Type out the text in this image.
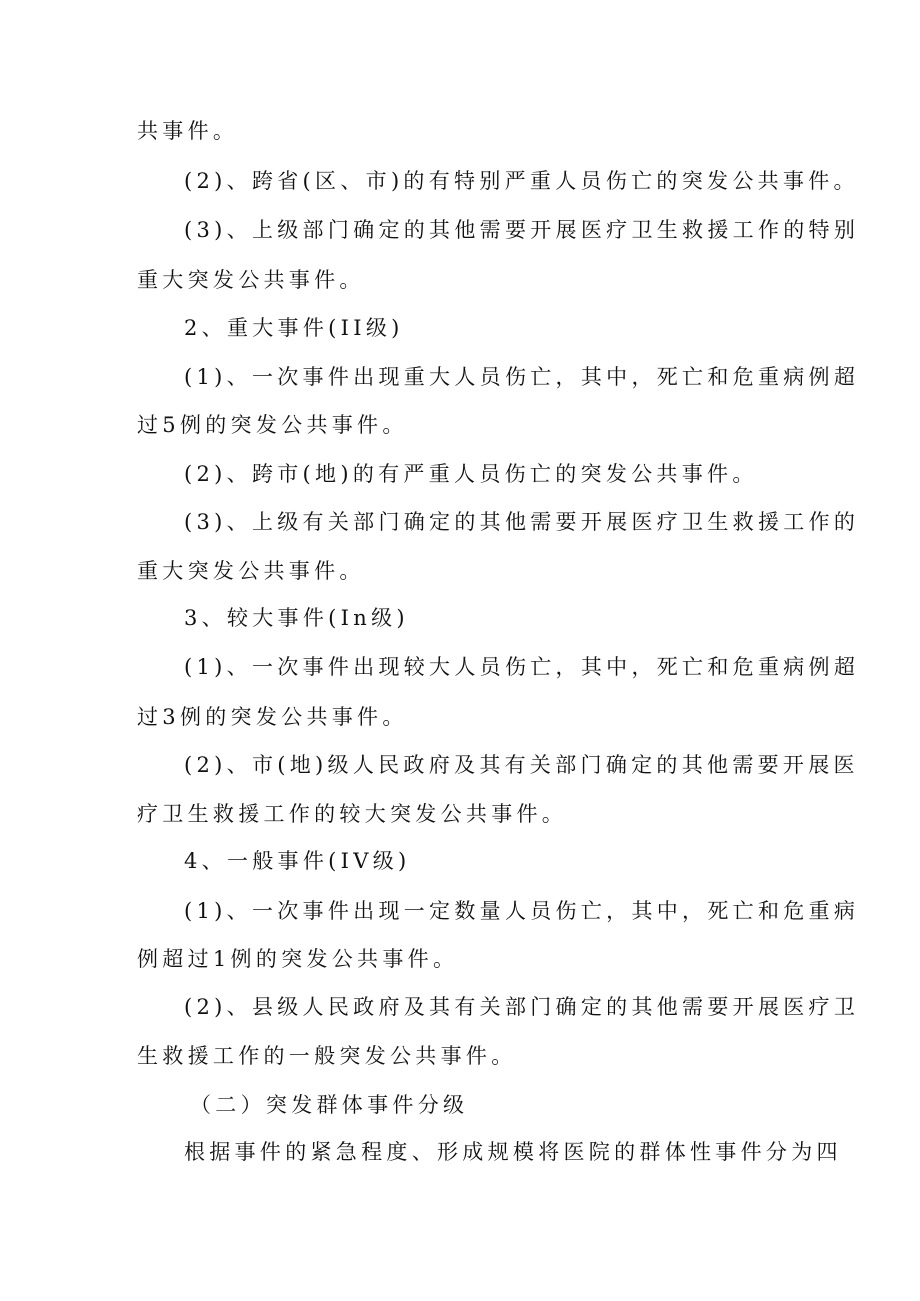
共事件。
(2)、跨省(区、市)的有特别严重人员伤亡的突发公共事件。
(3)、上级部门确定的其他需要开展医疗卫生救援工作的特别
重大突发公共事件。
2、重大事件(II级)
(1)、一次事件出现重大人员伤亡，其中，死亡和危重病例超
过5例的突发公共事件。
(2)、跨市(地)的有严重人员伤亡的突发公共事件。
(3)、上级有关部门确定的其他需要开展医疗卫生救援工作的
重大突发公共事件。
3、较大事件(In级)
(1)、一次事件出现较大人员伤亡，其中，死亡和危重病例超
过3例的突发公共事件。
(2)、市(地)级人民政府及其有关部门确定的其他需要开展医
疗卫生救援工作的较大突发公共事件。
4、一般事件(IV级)
(1)、一次事件出现一定数量人员伤亡，其中，死亡和危重病
例超过1例的突发公共事件。
(2)、县级人民政府及其有关部门确定的其他需要开展医疗卫
生救援工作的一般突发公共事件。
（二）突发群体事件分级
根据事件的紧急程度、形成规模将医院的群体性事件分为四
